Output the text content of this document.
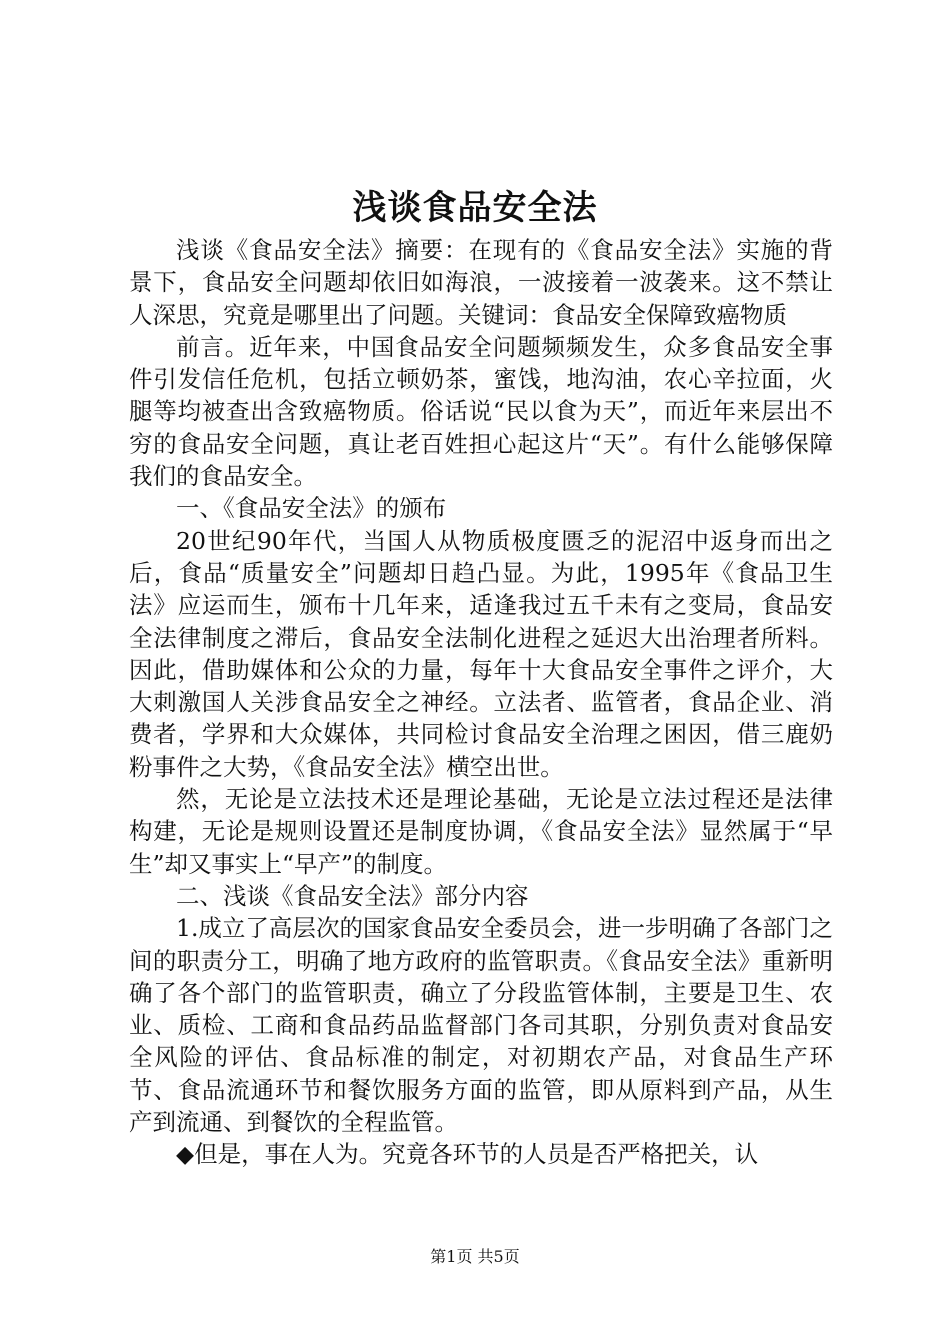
浅谈食品安全法

浅谈《食品安全法》摘要：在现有的《食品安全法》实施的背景下，食品安全问题却依旧如海浪，一波接着一波袭来。这不禁让人深思，究竟是哪里出了问题。关键词：食品安全保障致癌物质

前言。近年来，中国食品安全问题频频发生，众多食品安全事件引发信任危机，包括立顿奶茶，蜜饯，地沟油，农心辛拉面，火腿等均被查出含致癌物质。俗话说“民以食为天”，而近年来层出不穷的食品安全问题，真让老百姓担心起这片“天”。有什么能够保障我们的食品安全。

一、《食品安全法》的颁布

20世纪90年代，当国人从物质极度匮乏的泥沼中返身而出之后，食品“质量安全”问题却日趋凸显。为此，1995年《食品卫生法》应运而生，颁布十几年来，适逢我过五千未有之变局，食品安全法律制度之滞后，食品安全法制化进程之延迟大出治理者所料。因此，借助媒体和公众的力量，每年十大食品安全事件之评介，大大刺激国人关涉食品安全之神经。立法者、监管者，食品企业、消费者，学界和大众媒体，共同检讨食品安全治理之困因，借三鹿奶粉事件之大势，《食品安全法》横空出世。

然，无论是立法技术还是理论基础，无论是立法过程还是法律构建，无论是规则设置还是制度协调，《食品安全法》显然属于“早生”却又事实上“早产”的制度。

二、浅谈《食品安全法》部分内容

1.成立了高层次的国家食品安全委员会，进一步明确了各部门之间的职责分工，明确了地方政府的监管职责。《食品安全法》重新明确了各个部门的监管职责，确立了分段监管体制，主要是卫生、农业、质检、工商和食品药品监督部门各司其职，分别负责对食品安全风险的评估、食品标准的制定，对初期农产品，对食品生产环节、食品流通环节和餐饮服务方面的监管，即从原料到产品，从生产到流通、到餐饮的全程监管。

◆但是，事在人为。究竟各环节的人员是否严格把关，认

第1页 共5页
